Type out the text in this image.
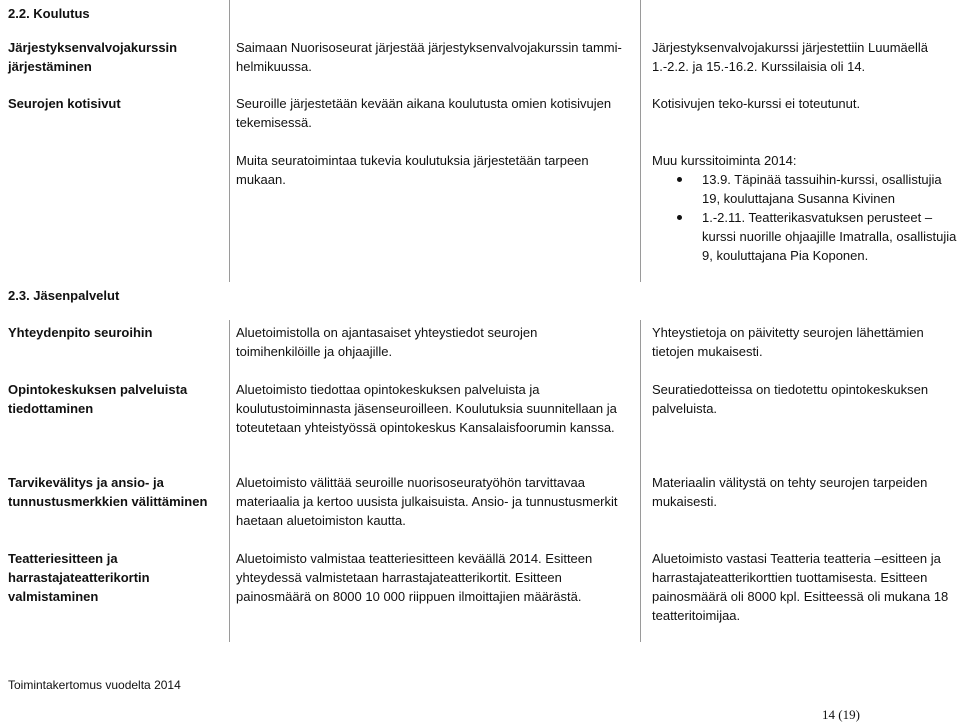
2.2. Koulutus
Järjestyksenvalvojakurssin järjestäminen
Saimaan Nuorisoseurat järjestää järjestyksenvalvojakurssin tammi-helmikuussa.
Järjestyksenvalvojakurssi järjestettiin Luumäellä 1.-2.2. ja 15.-16.2. Kurssilaisia oli 14.
Seurojen kotisivut	Seuroille järjestetään kevään aikana koulutusta omien kotisivujen tekemisessä.
Kotisivujen teko-kurssi ei toteutunut.
Muita seuratoimintaa tukevia koulutuksia järjestetään tarpeen mukaan.

Muu kurssitoiminta 2014:

13.9. Täpinää tassuihin-kurssi, osallistujia 19, kouluttajana Susanna Kivinen
1.-2.11. Teatterikasvatuksen perusteet – kurssi nuorille ohjaajille Imatralla, osallistujia 9, kouluttajana Pia Koponen.
2.3. Jäsenpalvelut
Yhteydenpito seuroihin	Aluetoimistolla on ajantasaiset yhteystiedot seurojen toimihenkilöille ja ohjaajille.
Yhteystietoja on päivitetty seurojen lähettämien tietojen mukaisesti.
Opintokeskuksen palveluista tiedottaminen
Aluetoimisto tiedottaa opintokeskuksen palveluista ja koulutustoiminnasta jäsenseuroilleen. Koulutuksia suunnitellaan ja toteutetaan yhteistyössä opintokeskus Kansalaisfoorumin kanssa.
Seuratiedotteissa on tiedotettu opintokeskuksen palveluista.
Tarvikevälitys ja ansio- ja tunnustusmerkkien välittäminen
Aluetoimisto välittää seuroille nuorisoseuratyöhön tarvittavaa materiaalia ja kertoo uusista julkaisuista. Ansio- ja tunnustusmerkit haetaan aluetoimiston kautta.
Materiaalin välitystä on tehty seurojen tarpeiden mukaisesti.
Teatteriesitteen ja harrastajateatterikortin valmistaminen
Aluetoimisto valmistaa teatteriesitteen keväällä 2014. Esitteen yhteydessä valmistetaan harrastajateatterikortit. Esitteen painosmäärä on 8000 10 000 riippuen ilmoittajien määrästä.
Aluetoimisto vastasi Teatteria teatteria –esitteen ja harrastajateatterikorttien tuottamisesta. Esitteen painosmäärä oli 8000 kpl. Esitteessä oli mukana 18 teatteritoimijaa.
Toimintakertomus vuodelta 2014
14 (19)
